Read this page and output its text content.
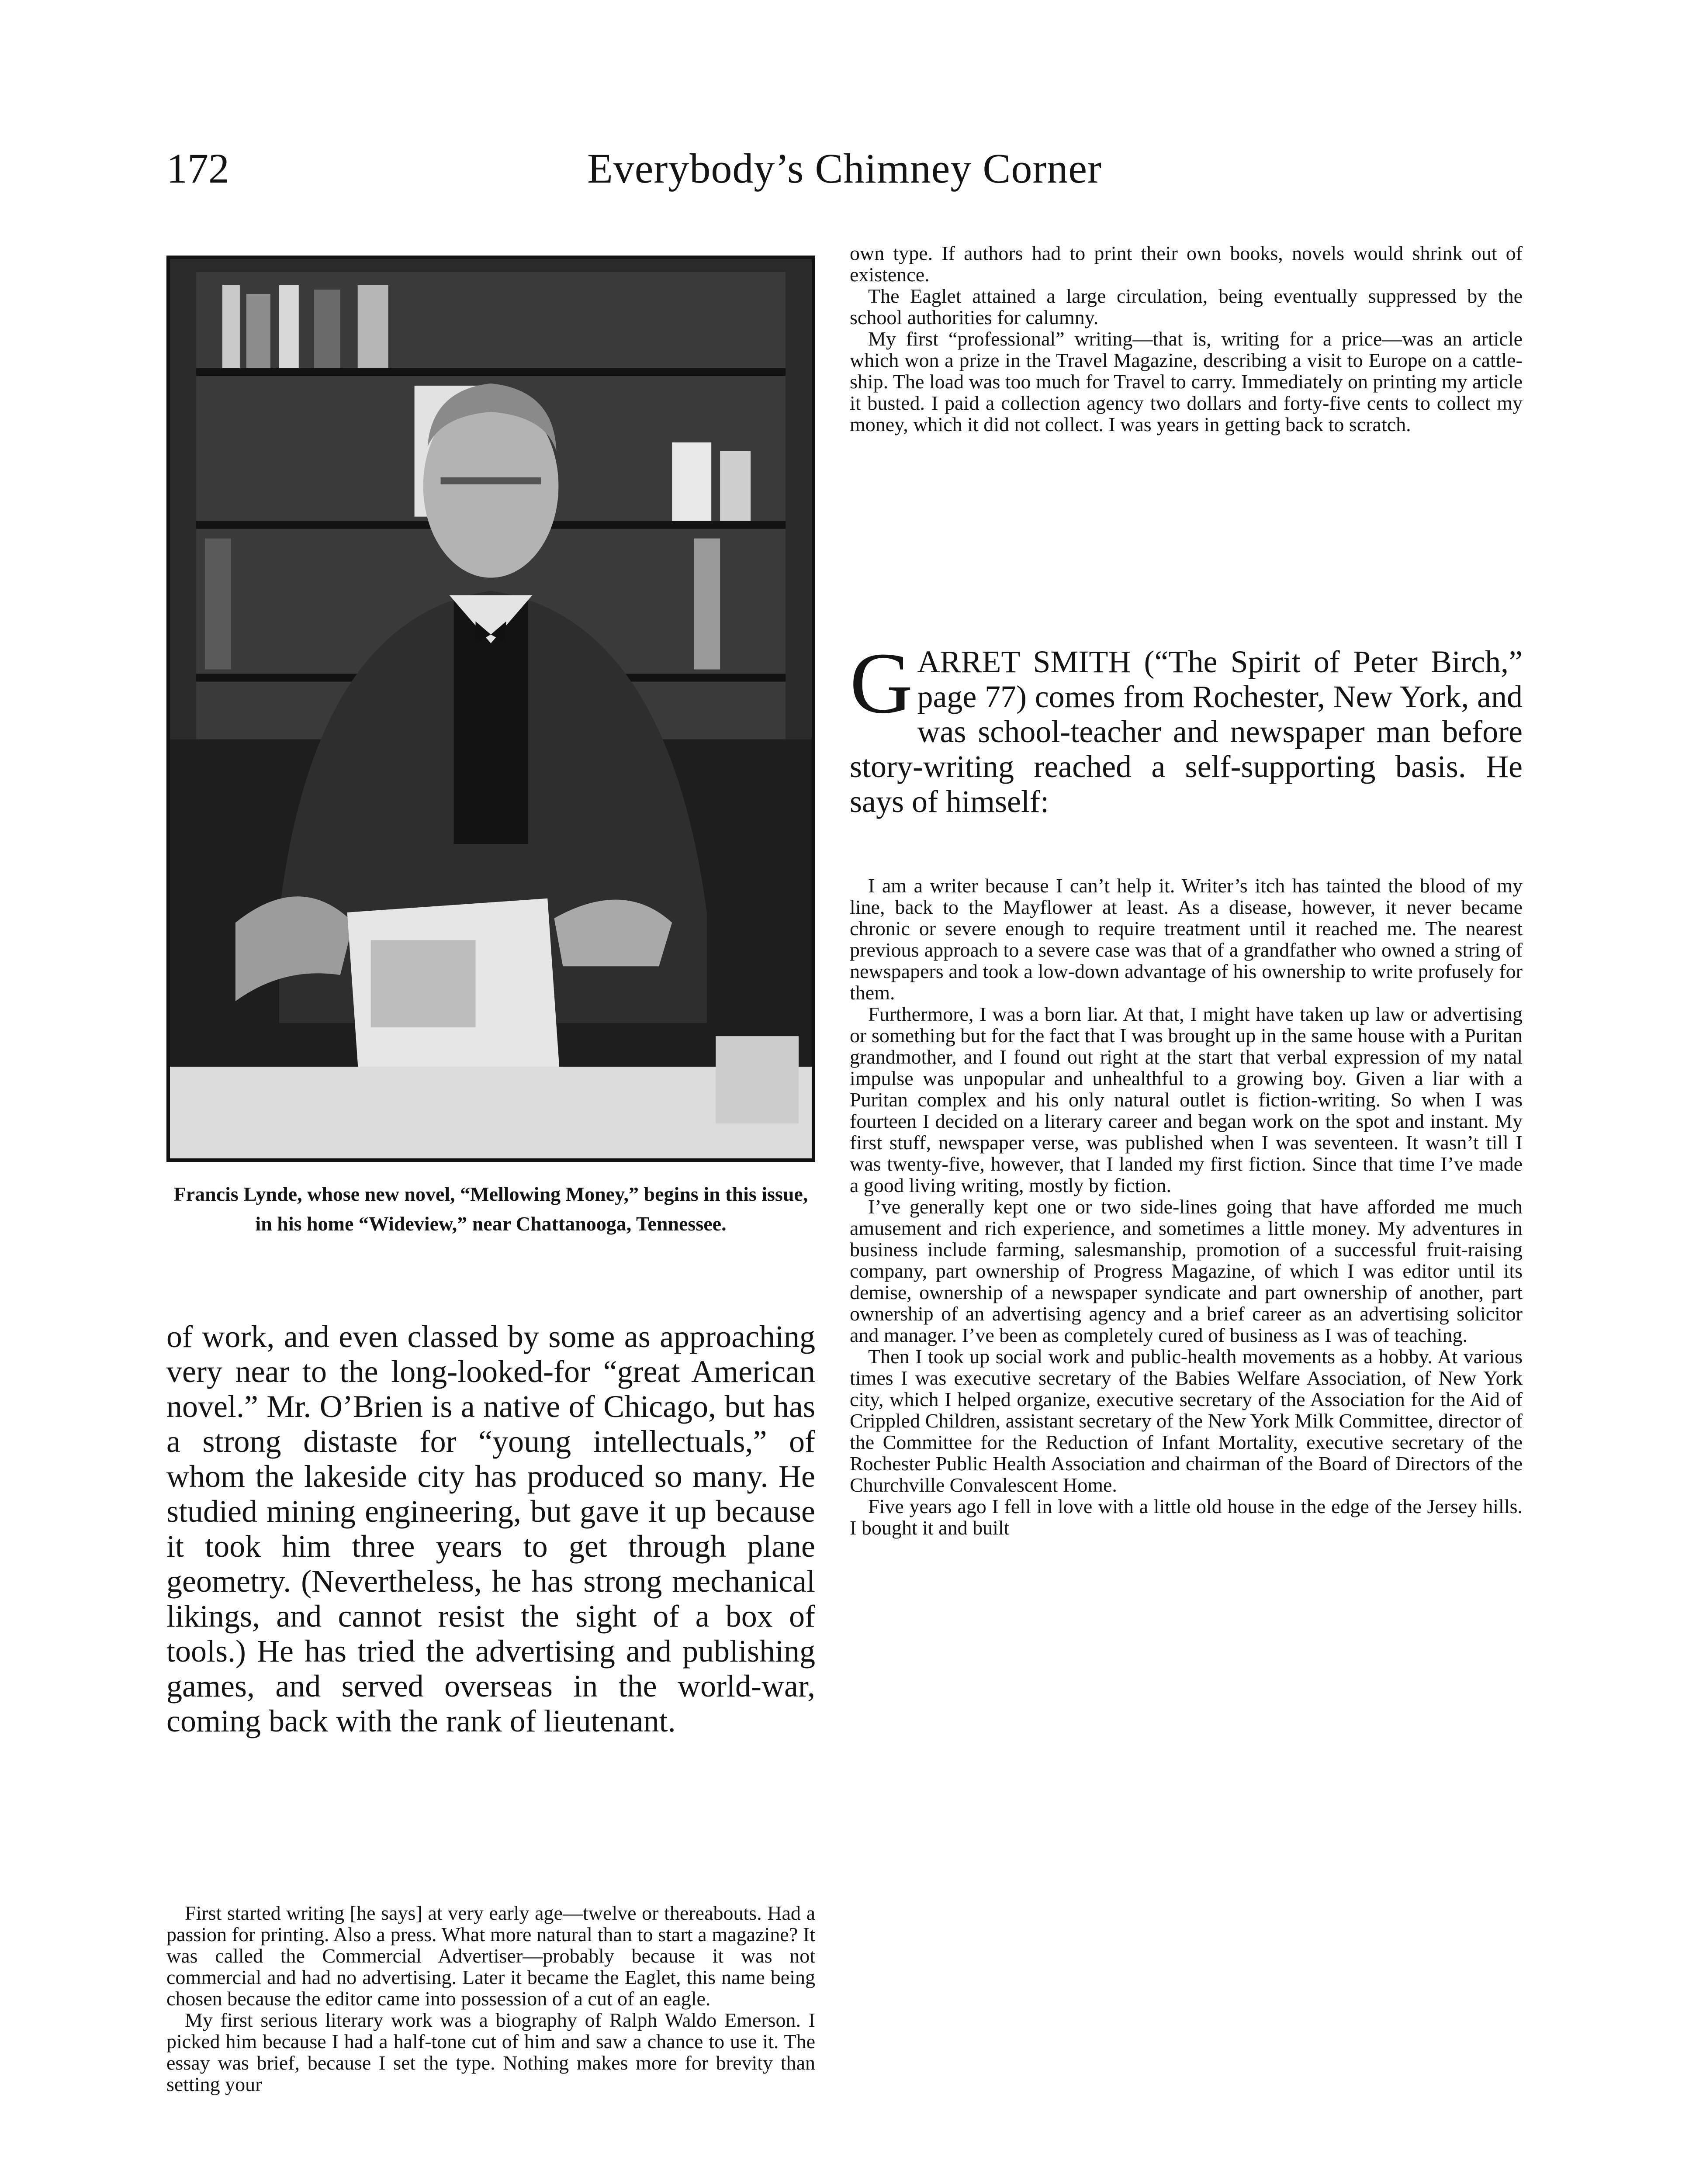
Everybody’s Chimney Corner
172
Francis Lynde, whose new novel, “Mellowing Money,” begins in this issue, in his home “Wideview,” near Chattanooga, Tennessee.
of work, and even classed by some as approaching very near to the long-looked-for “great American novel.” Mr. O’Brien is a native of Chicago, but has a strong distaste for “young intellectuals,” of whom the lakeside city has produced so many. He studied mining engineering, but gave it up because it took him three years to get through plane geometry. (Nevertheless, he has strong mechanical likings, and cannot resist the sight of a box of tools.) He has tried the advertising and publishing games, and served overseas in the world-war, coming back with the rank of lieutenant.

First started writing [he says] at very early age—twelve or thereabouts. Had a passion for printing. Also a press. What more natural than to start a magazine? It was called the Commercial Advertiser—probably because it was not commercial and had no advertising. Later it became the Eaglet, this name being chosen because the editor came into possession of a cut of an eagle.

My first serious literary work was a biography of Ralph Waldo Emerson. I picked him because I had a half-tone cut of him and saw a chance to use it. The essay was brief, because I set the type. Nothing makes more for brevity than setting your

own type. If authors had to print their own books, novels would shrink out of existence.

The Eaglet attained a large circulation, being eventually suppressed by the school authorities for calumny.

My first “professional” writing—that is, writing for a price—was an article which won a prize in the Travel Magazine, describing a visit to Europe on a cattle-ship. The load was too much for Travel to carry. Immediately on printing my article it busted. I paid a collection agency two dollars and forty-five cents to collect my money, which it did not collect. I was years in getting back to scratch.

G ARRET SMITH (“The Spirit of Peter Birch,” page 77) comes from Rochester, New York, and was school-teacher and newspaper man before story-writing reached a self-supporting basis. He says of himself:

I am a writer because I can’t help it. Writer’s itch has tainted the blood of my line, back to the Mayflower at least. As a disease, however, it never became chronic or severe enough to require treatment until it reached me. The nearest previous approach to a severe case was that of a grandfather who owned a string of newspapers and took a low-down advantage of his ownership to write profusely for them.

Furthermore, I was a born liar. At that, I might have taken up law or advertising or something but for the fact that I was brought up in the same house with a Puritan grandmother, and I found out right at the start that verbal expression of my natal impulse was unpopular and unhealthful to a growing boy. Given a liar with a Puritan complex and his only natural outlet is fiction-writing. So when I was fourteen I decided on a literary career and began work on the spot and instant. My first stuff, newspaper verse, was published when I was seventeen. It wasn’t till I was twenty-five, however, that I landed my first fiction. Since that time I’ve made a good living writing, mostly by fiction.

I’ve generally kept one or two side-lines going that have afforded me much amusement and rich experience, and sometimes a little money. My adventures in business include farming, salesmanship, promotion of a successful fruit-raising company, part ownership of Progress Magazine, of which I was editor until its demise, ownership of a newspaper syndicate and part ownership of another, part ownership of an advertising agency and a brief career as an advertising solicitor and manager. I’ve been as completely cured of business as I was of teaching.

Then I took up social work and public-health movements as a hobby. At various times I was executive secretary of the Babies Welfare Association, of New York city, which I helped organize, executive secretary of the Association for the Aid of Crippled Children, assistant secretary of the New York Milk Committee, director of the Committee for the Reduction of Infant Mortality, executive secretary of the Rochester Public Health Association and chairman of the Board of Directors of the Churchville Convalescent Home.

Five years ago I fell in love with a little old house in the edge of the Jersey hills. I bought it and built
